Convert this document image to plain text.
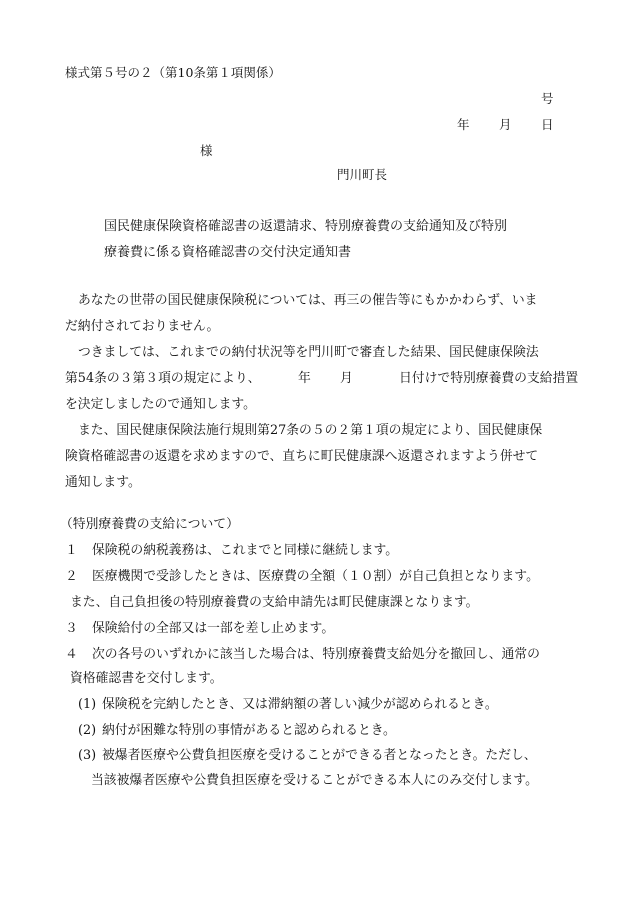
様式第５号の２（第10条第１項関係）
号
年 月 日
様
門川町長
国民健康保険資格確認書の返還請求、特別療養費の支給通知及び特別
療養費に係る資格確認書の交付決定通知書
あなたの世帯の国民健康保険税については、再三の催告等にもかかわらず、いま
だ納付されておりません。
つきましては、これまでの納付状況等を門川町で審査した結果、国民健康保険法
第54条の３第３項の規定により、	年 月	日付けで特別療養費の支給措置
を決定しましたので通知します。
また、国民健康保険法施行規則第27条の５の２第１項の規定により、国民健康保
険資格確認書の返還を求めますので、直ちに町民健康課へ返還されますよう併せて
通知します。
（特別療養費の支給について）
１ 保険税の納税義務は、これまでと同様に継続します。
２ 医療機関で受診したときは、医療費の全額（１０割）が自己負担となります。
また、自己負担後の特別療養費の支給申請先は町民健康課となります。
３ 保険給付の全部又は一部を差し止めます。
４ 次の各号のいずれかに該当した場合は、特別療養費支給処分を撤回し、通常の
資格確認書を交付します。
(1) 保険税を完納したとき、又は滞納額の著しい減少が認められるとき。
(2) 納付が困難な特別の事情があると認められるとき。
(3) 被爆者医療や公費負担医療を受けることができる者となったとき。ただし、
当該被爆者医療や公費負担医療を受けることができる本人にのみ交付します。
